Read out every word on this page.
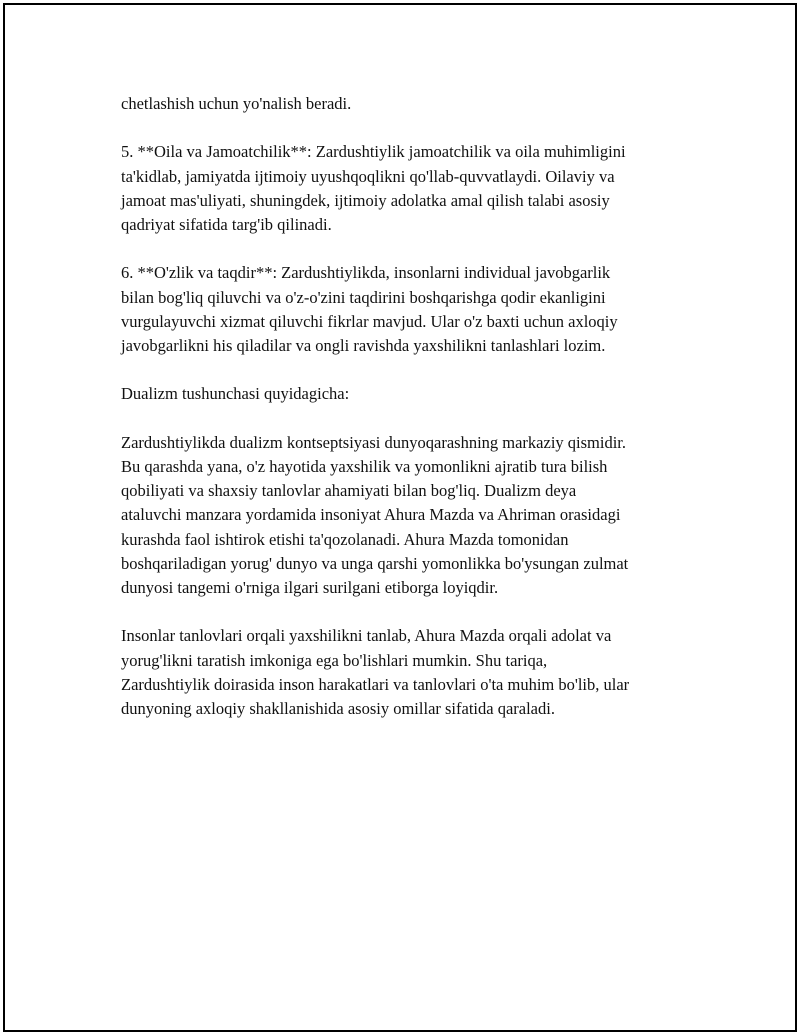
chetlashish uchun yo'nalish beradi.

5. **Oila va Jamoatchilik**: Zardushtiylik jamoatchilik va oila muhimligini
ta'kidlab, jamiyatda ijtimoiy uyushqoqlikni qo'llab-quvvatlaydi. Oilaviy va
jamoat mas'uliyati, shuningdek, ijtimoiy adolatka amal qilish talabi asosiy
qadriyat sifatida targ'ib qilinadi.

6. **O'zlik va taqdir**: Zardushtiylikda, insonlarni individual javobgarlik
bilan bog'liq qiluvchi va o'z-o'zini taqdirini boshqarishga qodir ekanligini
vurgulayuvchi xizmat qiluvchi fikrlar mavjud. Ular o'z baxti uchun axloqiy
javobgarlikni his qiladilar va ongli ravishda yaxshilikni tanlashlari lozim.

Dualizm tushunchasi quyidagicha:

Zardushtiylikda dualizm kontseptsiyasi dunyoqarashning markaziy qismidir.
Bu qarashda yana, o'z hayotida yaxshilik va yomonlikni ajratib tura bilish
qobiliyati va shaxsiy tanlovlar ahamiyati bilan bog'liq. Dualizm deya
ataluvchi manzara yordamida insoniyat Ahura Mazda va Ahriman orasidagi
kurashda faol ishtirok etishi ta'qozolanadi. Ahura Mazda tomonidan
boshqariladigan yorug' dunyo va unga qarshi yomonlikka bo'ysungan zulmat
dunyosi tangemi o'rniga ilgari surilgani etiborga loyiqdir.

Insonlar tanlovlari orqali yaxshilikni tanlab, Ahura Mazda orqali adolat va
yorug'likni taratish imkoniga ega bo'lishlari mumkin. Shu tariqa,
Zardushtiylik doirasida inson harakatlari va tanlovlari o'ta muhim bo'lib, ular
dunyoning axloqiy shakllanishida asosiy omillar sifatida qaraladi.
